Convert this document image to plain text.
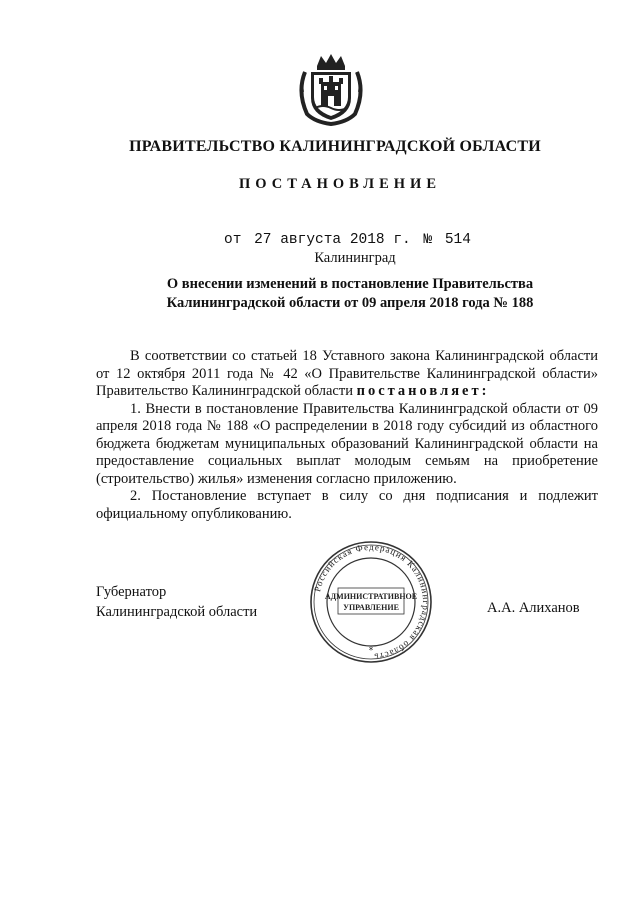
ПРАВИТЕЛЬСТВО КАЛИНИНГРАДСКОЙ ОБЛАСТИ
ПОСТАНОВЛЕНИЕ
от 27 августа 2018 г. № 514
Калининград
О внесении изменений в постановление Правительства
Калининградской области от 09 апреля 2018 года № 188

В соответствии со статьей 18 Уставного закона Калининградской области от 12 октября 2011 года № 42 «О Правительстве Калининградской области» Правительство Калининградской области постановляет:

1. Внести в постановление Правительства Калининградской области от 09 апреля 2018 года № 188 «О распределении в 2018 году субсидий из областного бюджета бюджетам муниципальных образований Калининградской области на предоставление социальных выплат молодым семьям на приобретение (строительство) жилья» изменения согласно приложению.

2. Постановление вступает в силу со дня подписания и подлежит официальному опубликованию.

Губернатор
Калининградской области
Российская Федерация Калининградская область
АДМИНИСТРАТИВНОЕ
УПРАВЛЕНИЕ
*
А.А. Алиханов
